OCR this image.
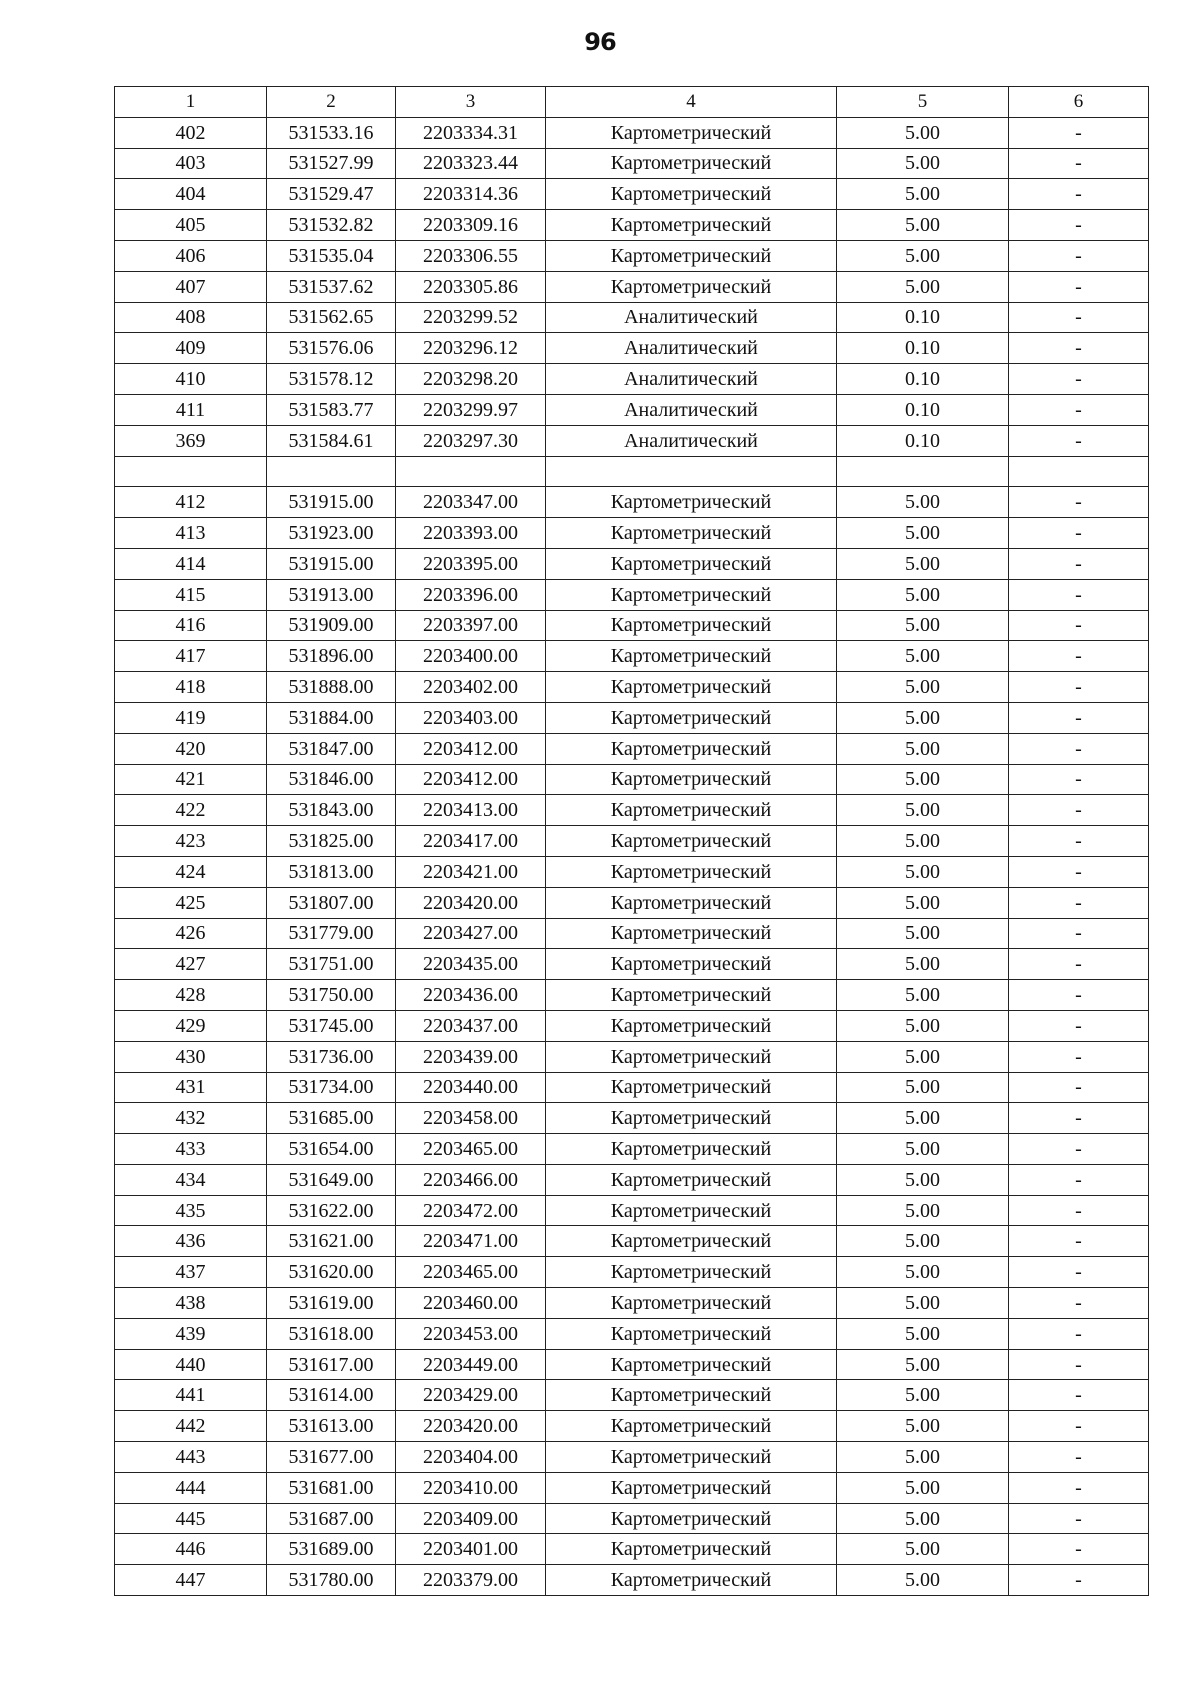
96
1	2	3	4	5	6
402	531533.16	2203334.31	Картометрический	5.00	-
403	531527.99	2203323.44	Картометрический	5.00	-
404	531529.47	2203314.36	Картометрический	5.00	-
405	531532.82	2203309.16	Картометрический	5.00	-
406	531535.04	2203306.55	Картометрический	5.00	-
407	531537.62	2203305.86	Картометрический	5.00	-
408	531562.65	2203299.52	Аналитический	0.10	-
409	531576.06	2203296.12	Аналитический	0.10	-
410	531578.12	2203298.20	Аналитический	0.10	-
411	531583.77	2203299.97	Аналитический	0.10	-
369	531584.61	2203297.30	Аналитический	0.10	-

412	531915.00	2203347.00	Картометрический	5.00	-
413	531923.00	2203393.00	Картометрический	5.00	-
414	531915.00	2203395.00	Картометрический	5.00	-
415	531913.00	2203396.00	Картометрический	5.00	-
416	531909.00	2203397.00	Картометрический	5.00	-
417	531896.00	2203400.00	Картометрический	5.00	-
418	531888.00	2203402.00	Картометрический	5.00	-
419	531884.00	2203403.00	Картометрический	5.00	-
420	531847.00	2203412.00	Картометрический	5.00	-
421	531846.00	2203412.00	Картометрический	5.00	-
422	531843.00	2203413.00	Картометрический	5.00	-
423	531825.00	2203417.00	Картометрический	5.00	-
424	531813.00	2203421.00	Картометрический	5.00	-
425	531807.00	2203420.00	Картометрический	5.00	-
426	531779.00	2203427.00	Картометрический	5.00	-
427	531751.00	2203435.00	Картометрический	5.00	-
428	531750.00	2203436.00	Картометрический	5.00	-
429	531745.00	2203437.00	Картометрический	5.00	-
430	531736.00	2203439.00	Картометрический	5.00	-
431	531734.00	2203440.00	Картометрический	5.00	-
432	531685.00	2203458.00	Картометрический	5.00	-
433	531654.00	2203465.00	Картометрический	5.00	-
434	531649.00	2203466.00	Картометрический	5.00	-
435	531622.00	2203472.00	Картометрический	5.00	-
436	531621.00	2203471.00	Картометрический	5.00	-
437	531620.00	2203465.00	Картометрический	5.00	-
438	531619.00	2203460.00	Картометрический	5.00	-
439	531618.00	2203453.00	Картометрический	5.00	-
440	531617.00	2203449.00	Картометрический	5.00	-
441	531614.00	2203429.00	Картометрический	5.00	-
442	531613.00	2203420.00	Картометрический	5.00	-
443	531677.00	2203404.00	Картометрический	5.00	-
444	531681.00	2203410.00	Картометрический	5.00	-
445	531687.00	2203409.00	Картометрический	5.00	-
446	531689.00	2203401.00	Картометрический	5.00	-
447	531780.00	2203379.00	Картометрический	5.00	-
